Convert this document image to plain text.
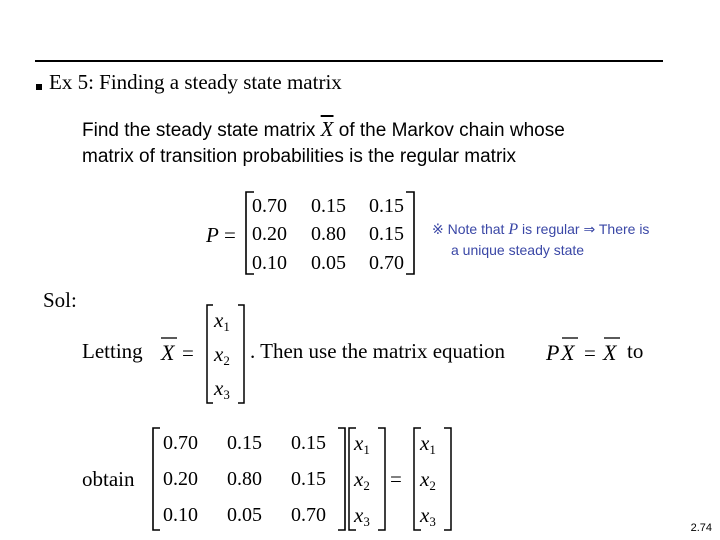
Ex 5: Finding a steady state matrix
Find the steady state matrix $\overline{X}$ of the Markov chain whose
matrix of transition probabilities is the regular matrix
P =
0.70 0.15 0.15
0.20 0.80 0.15
0.10 0.05 0.70
※ Note that P is regular ⇒ There is
a unique steady state
Sol:
Letting X =
x1
x2
x3
. Then use the matrix equation P X = X to
obtain
0.70 0.15 0.15
0.20 0.80 0.15
0.10 0.05 0.70
x1
x2
x3
=
x1
x2
x3	2.74
